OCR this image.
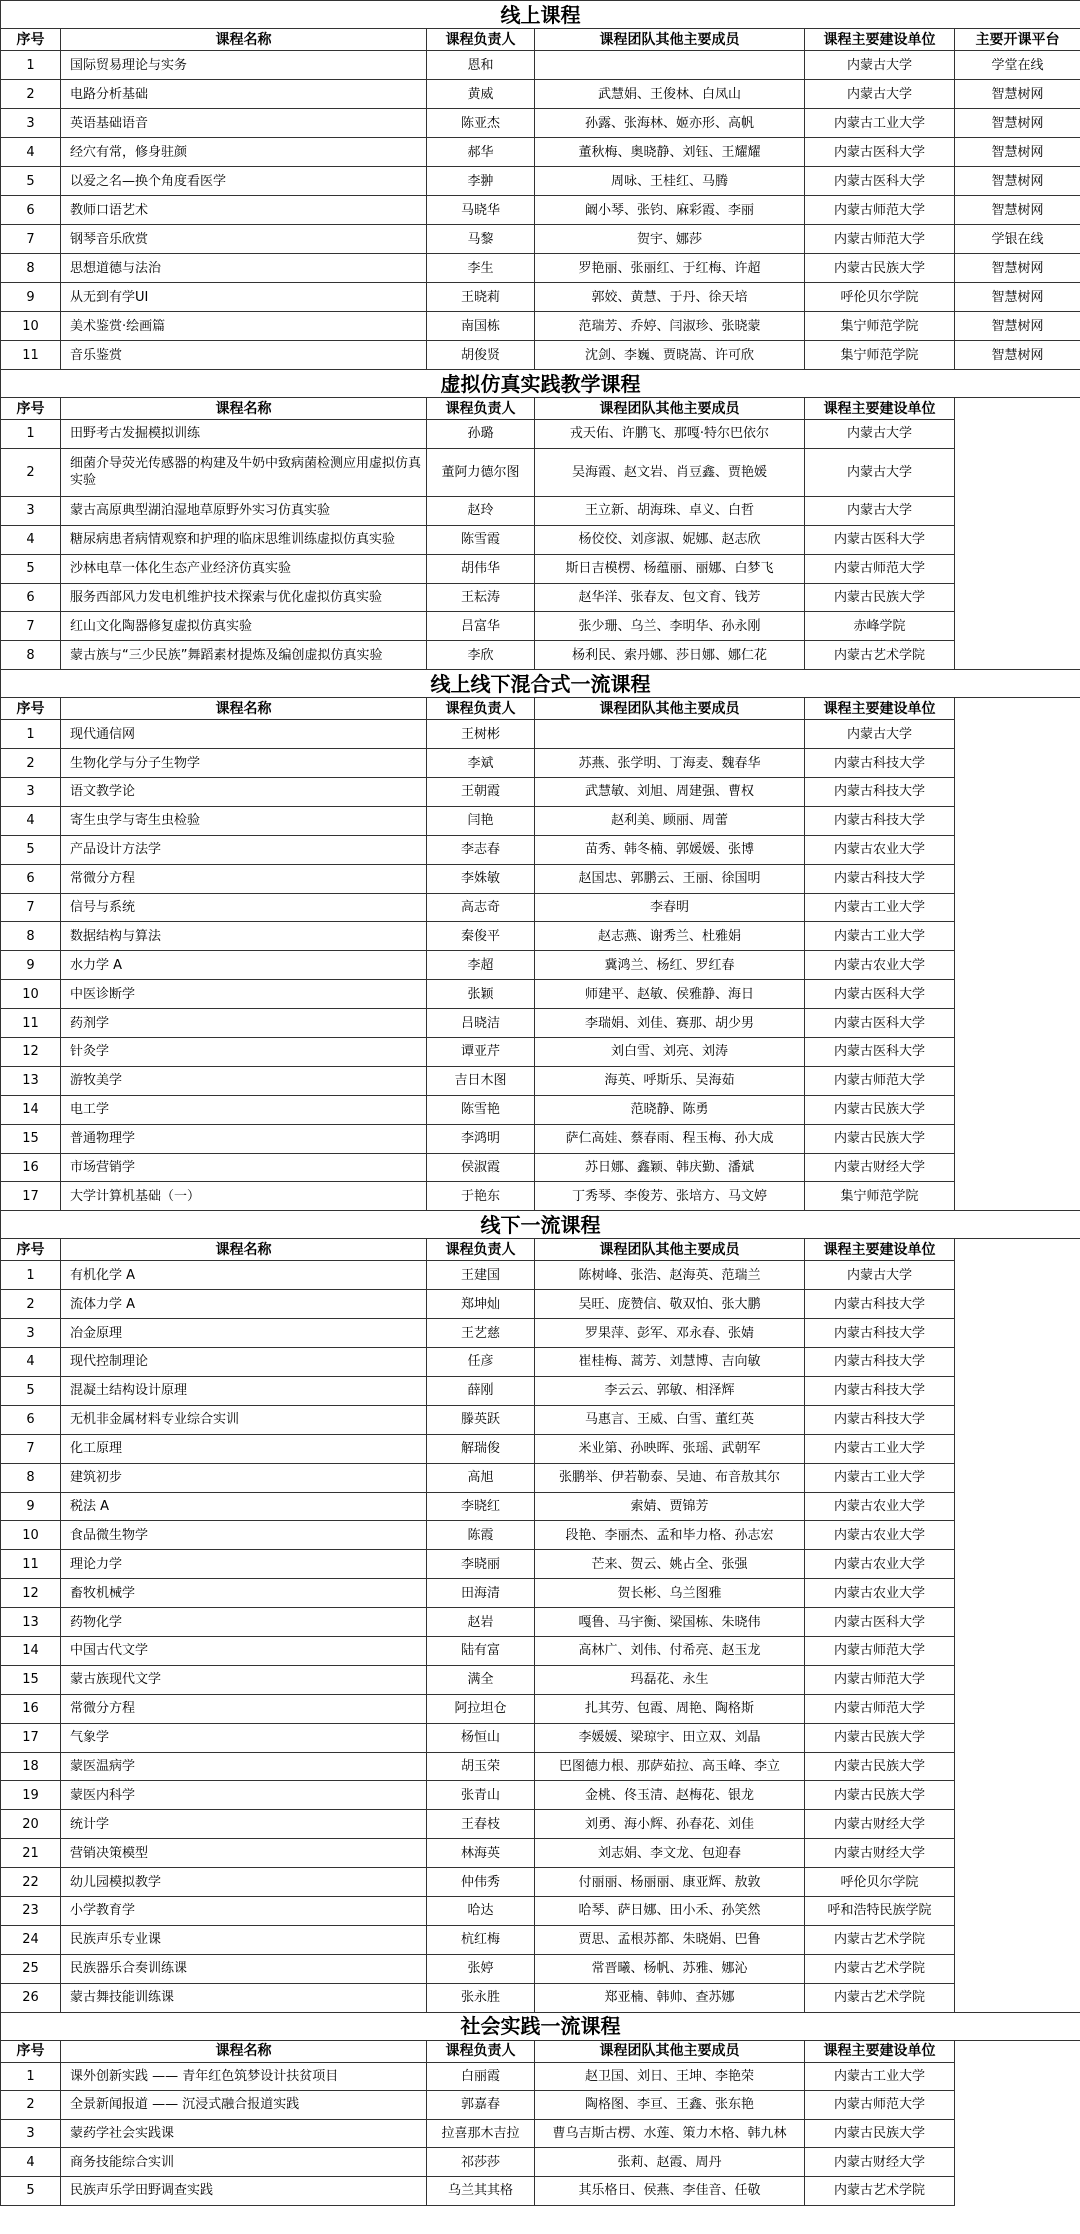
线上课程					
序号	课程名称	课程负责人	课程团队其他主要成员	课程主要建设单位	主要开课平台
1	国际贸易理论与实务	恩和		内蒙古大学	学堂在线
2	电路分析基础	黄威	武慧娟、王俊林、白凤山	内蒙古大学	智慧树网
3	英语基础语音	陈亚杰	孙露、张海林、姬亦形、高帆	内蒙古工业大学	智慧树网
4	经穴有常，修身驻颜	郝华	董秋梅、奥晓静、刘钰、王耀耀	内蒙古医科大学	智慧树网
5	以爱之名—换个角度看医学	李翀	周咏、王桂红、马腾	内蒙古医科大学	智慧树网
6	教师口语艺术	马晓华	阚小琴、张钧、麻彩霞、李丽	内蒙古师范大学	智慧树网
7	钢琴音乐欣赏	马黎	贺宇、娜莎	内蒙古师范大学	学银在线
8	思想道德与法治	李生	罗艳丽、张丽红、于红梅、许超	内蒙古民族大学	智慧树网
9	从无到有学UI	王晓莉	郭姣、黄慧、于丹、徐天培	呼伦贝尔学院	智慧树网
10	美术鉴赏·绘画篇	南国栋	范瑞芳、乔婷、闫淑珍、张晓蒙	集宁师范学院	智慧树网
11	音乐鉴赏	胡俊贤	沈剑、李巍、贾晓嵩、许可欣	集宁师范学院	智慧树网
虚拟仿真实践教学课程					
序号	课程名称	课程负责人	课程团队其他主要成员	课程主要建设单位	
1	田野考古发掘模拟训练	孙璐	戎天佑、许鹏飞、那嘎·特尔巴依尔	内蒙古大学	
2	细菌介导荧光传感器的构建及牛奶中致病菌检测应用虚拟仿真实验	董阿力德尔图	吴海霞、赵文岩、肖豆鑫、贾艳媛	内蒙古大学	
3	蒙古高原典型湖泊湿地草原野外实习仿真实验	赵玲	王立新、胡海珠、卓义、白哲	内蒙古大学	
4	糖尿病患者病情观察和护理的临床思维训练虚拟仿真实验	陈雪霞	杨佼佼、刘彦淑、妮娜、赵志欣	内蒙古医科大学	
5	沙林电草一体化生态产业经济仿真实验	胡伟华	斯日吉模楞、杨蕴丽、丽娜、白梦飞	内蒙古师范大学	
6	服务西部风力发电机维护技术探索与优化虚拟仿真实验	王耘涛	赵华洋、张春友、包文育、钱芳	内蒙古民族大学	
7	红山文化陶器修复虚拟仿真实验	吕富华	张少珊、乌兰、李明华、孙永刚	赤峰学院	
8	蒙古族与“三少民族”舞蹈素材提炼及编创虚拟仿真实验	李欣	杨利民、索丹娜、莎日娜、娜仁花	内蒙古艺术学院	
线上线下混合式一流课程					
序号	课程名称	课程负责人	课程团队其他主要成员	课程主要建设单位	
1	现代通信网	王树彬		内蒙古大学	
2	生物化学与分子生物学	李斌	苏燕、张学明、丁海麦、魏春华	内蒙古科技大学	
3	语文教学论	王朝霞	武慧敏、刘旭、周建强、曹权	内蒙古科技大学	
4	寄生虫学与寄生虫检验	闫艳	赵利美、顾丽、周蕾	内蒙古科技大学	
5	产品设计方法学	李志春	苗秀、韩冬楠、郭媛媛、张博	内蒙古农业大学	
6	常微分方程	李姝敏	赵国忠、郭鹏云、王丽、徐国明	内蒙古科技大学	
7	信号与系统	高志奇	李春明	内蒙古工业大学	
8	数据结构与算法	秦俊平	赵志燕、谢秀兰、杜雅娟	内蒙古工业大学	
9	水力学 A	李超	冀鸿兰、杨红、罗红春	内蒙古农业大学	
10	中医诊断学	张颖	师建平、赵敏、侯雅静、海日	内蒙古医科大学	
11	药剂学	吕晓洁	李瑞娟、刘佳、赛那、胡少男	内蒙古医科大学	
12	针灸学	谭亚芹	刘白雪、刘亮、刘涛	内蒙古医科大学	
13	游牧美学	吉日木图	海英、呼斯乐、吴海茹	内蒙古师范大学	
14	电工学	陈雪艳	范晓静、陈勇	内蒙古民族大学	
15	普通物理学	李鸿明	萨仁高娃、蔡春雨、程玉梅、孙大成	内蒙古民族大学	
16	市场营销学	侯淑霞	苏日娜、鑫颖、韩庆勤、潘斌	内蒙古财经大学	
17	大学计算机基础（一）	于艳东	丁秀琴、李俊芳、张培方、马文婷	集宁师范学院	
线下一流课程					
序号	课程名称	课程负责人	课程团队其他主要成员	课程主要建设单位	
1	有机化学 A	王建国	陈树峰、张浩、赵海英、范瑞兰	内蒙古大学	
2	流体力学 A	郑坤灿	吴旺、庞赞信、敬双怕、张大鹏	内蒙古科技大学	
3	冶金原理	王艺慈	罗果萍、彭军、邓永春、张婧	内蒙古科技大学	
4	现代控制理论	任彦	崔桂梅、蒿芳、刘慧博、吉向敏	内蒙古科技大学	
5	混凝土结构设计原理	薛刚	李云云、郭敏、相泽辉	内蒙古科技大学	
6	无机非金属材料专业综合实训	滕英跃	马惠言、王威、白雪、董红英	内蒙古科技大学	
7	化工原理	解瑞俊	米业第、孙映晖、张瑶、武朝军	内蒙古工业大学	
8	建筑初步	高旭	张鹏举、伊若勒泰、吴迪、布音敖其尔	内蒙古工业大学	
9	税法 A	李晓红	索婧、贾锦芳	内蒙古农业大学	
10	食品微生物学	陈霞	段艳、李丽杰、孟和毕力格、孙志宏	内蒙古农业大学	
11	理论力学	李晓丽	芒来、贺云、姚占全、张强	内蒙古农业大学	
12	畜牧机械学	田海清	贺长彬、乌兰图雅	内蒙古农业大学	
13	药物化学	赵岩	嘎鲁、马宇衡、梁国栋、朱晓伟	内蒙古医科大学	
14	中国古代文学	陆有富	高林广、刘伟、付希亮、赵玉龙	内蒙古师范大学	
15	蒙古族现代文学	满全	玛磊花、永生	内蒙古师范大学	
16	常微分方程	阿拉坦仓	扎其劳、包霞、周艳、陶格斯	内蒙古师范大学	
17	气象学	杨恒山	李媛媛、梁琼宇、田立双、刘晶	内蒙古民族大学	
18	蒙医温病学	胡玉荣	巴图德力根、那萨茹拉、高玉峰、李立	内蒙古民族大学	
19	蒙医内科学	张青山	金桃、佟玉清、赵梅花、银龙	内蒙古民族大学	
20	统计学	王春枝	刘勇、海小辉、孙春花、刘佳	内蒙古财经大学	
21	营销决策模型	林海英	刘志娟、李文龙、包迎春	内蒙古财经大学	
22	幼儿园模拟教学	仲伟秀	付丽丽、杨丽丽、康亚辉、敖敦	呼伦贝尔学院	
23	小学教育学	哈达	哈琴、萨日娜、田小禾、孙笑然	呼和浩特民族学院	
24	民族声乐专业课	杭红梅	贾思、孟根苏都、朱晓娟、巴鲁	内蒙古艺术学院	
25	民族器乐合奏训练课	张婷	常晋曦、杨帆、苏雅、娜沁	内蒙古艺术学院	
26	蒙古舞技能训练课	张永胜	郑亚楠、韩帅、查苏娜	内蒙古艺术学院	
社会实践一流课程					
序号	课程名称	课程负责人	课程团队其他主要成员	课程主要建设单位	
1	课外创新实践 —— 青年红色筑梦设计扶贫项目	白丽霞	赵卫国、刘日、王坤、李艳荣	内蒙古工业大学	
2	全景新闻报道 —— 沉浸式融合报道实践	郭嘉春	陶格图、李亘、王鑫、张东艳	内蒙古师范大学	
3	蒙药学社会实践课	拉喜那木吉拉	曹乌吉斯古楞、水莲、策力木格、韩九林	内蒙古民族大学	
4	商务技能综合实训	祁莎莎	张莉、赵霞、周丹	内蒙古财经大学	
5	民族声乐学田野调查实践	乌兰其其格	其乐格日、侯燕、李佳音、任敬	内蒙古艺术学院	
